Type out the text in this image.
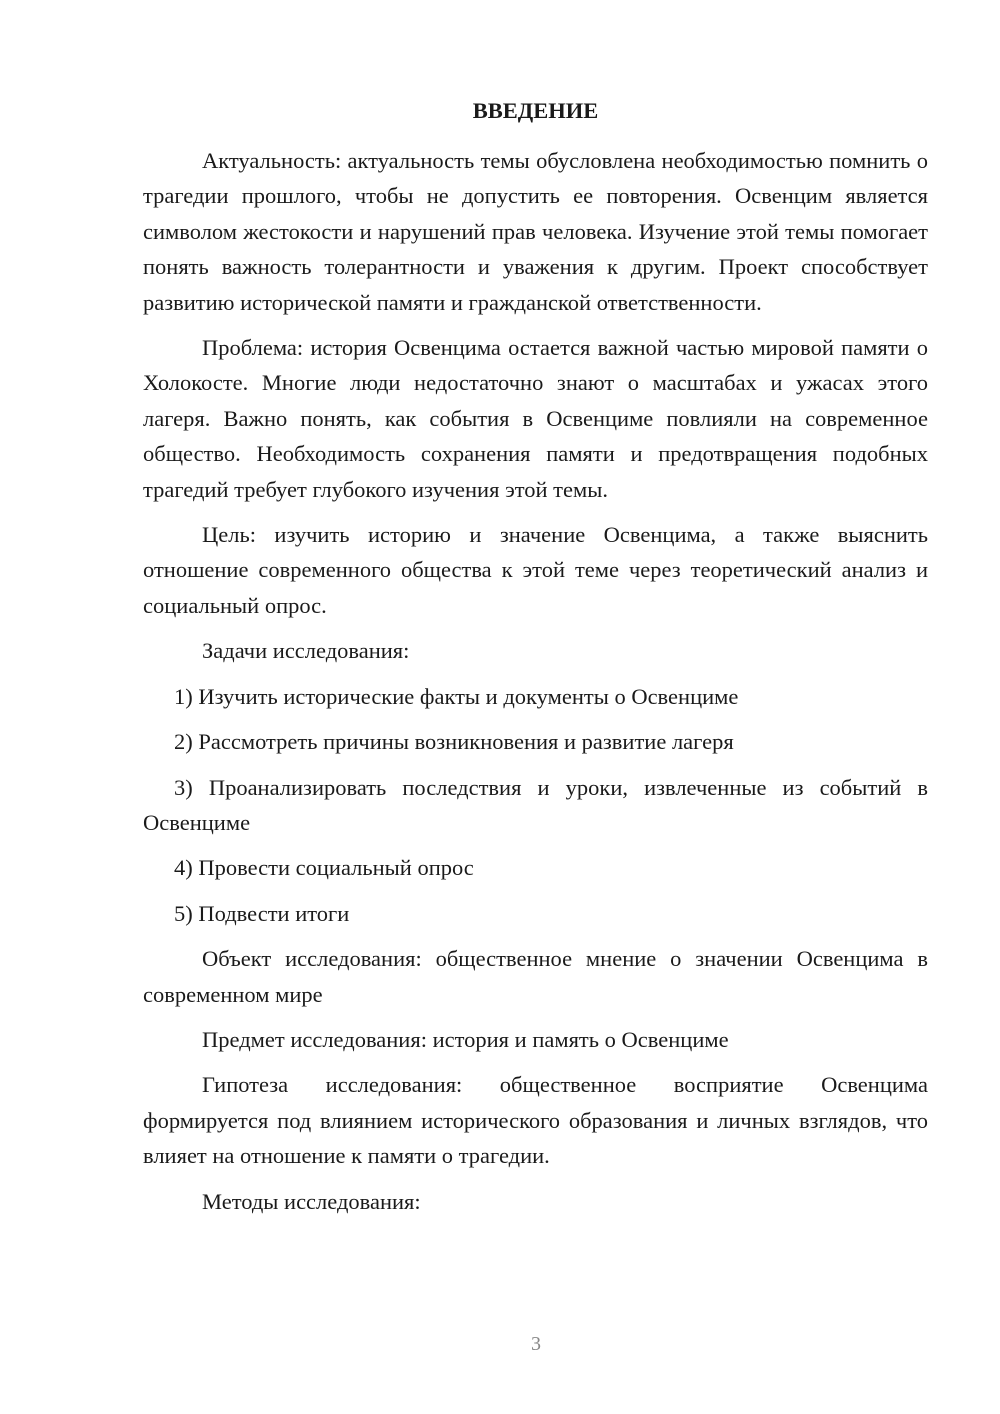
ВВЕДЕНИЕ

Актуальность: актуальность темы обусловлена необходимостью помнить о трагедии прошлого, чтобы не допустить ее повторения. Освенцим является символом жестокости и нарушений прав человека. Изучение этой темы помогает понять важность толерантности и уважения к другим. Проект способствует развитию исторической памяти и гражданской ответственности.

Проблема: история Освенцима остается важной частью мировой памяти о Холокосте. Многие люди недостаточно знают о масштабах и ужасах этого лагеря. Важно понять, как события в Освенциме повлияли на современное общество. Необходимость сохранения памяти и предотвращения подобных трагедий требует глубокого изучения этой темы.

Цель: изучить историю и значение Освенцима, а также выяснить отношение современного общества к этой теме через теоретический анализ и социальный опрос.

Задачи исследования:

1) Изучить исторические факты и документы о Освенциме

2) Рассмотреть причины возникновения и развитие лагеря

3) Проанализировать последствия и уроки, извлеченные из событий в Освенциме

4) Провести социальный опрос

5) Подвести итоги

Объект исследования: общественное мнение о значении Освенцима в современном мире

Предмет исследования: история и память о Освенциме

Гипотеза исследования: общественное восприятие Освенцима формируется под влиянием исторического образования и личных взглядов, что влияет на отношение к памяти о трагедии.

Методы исследования:

3
